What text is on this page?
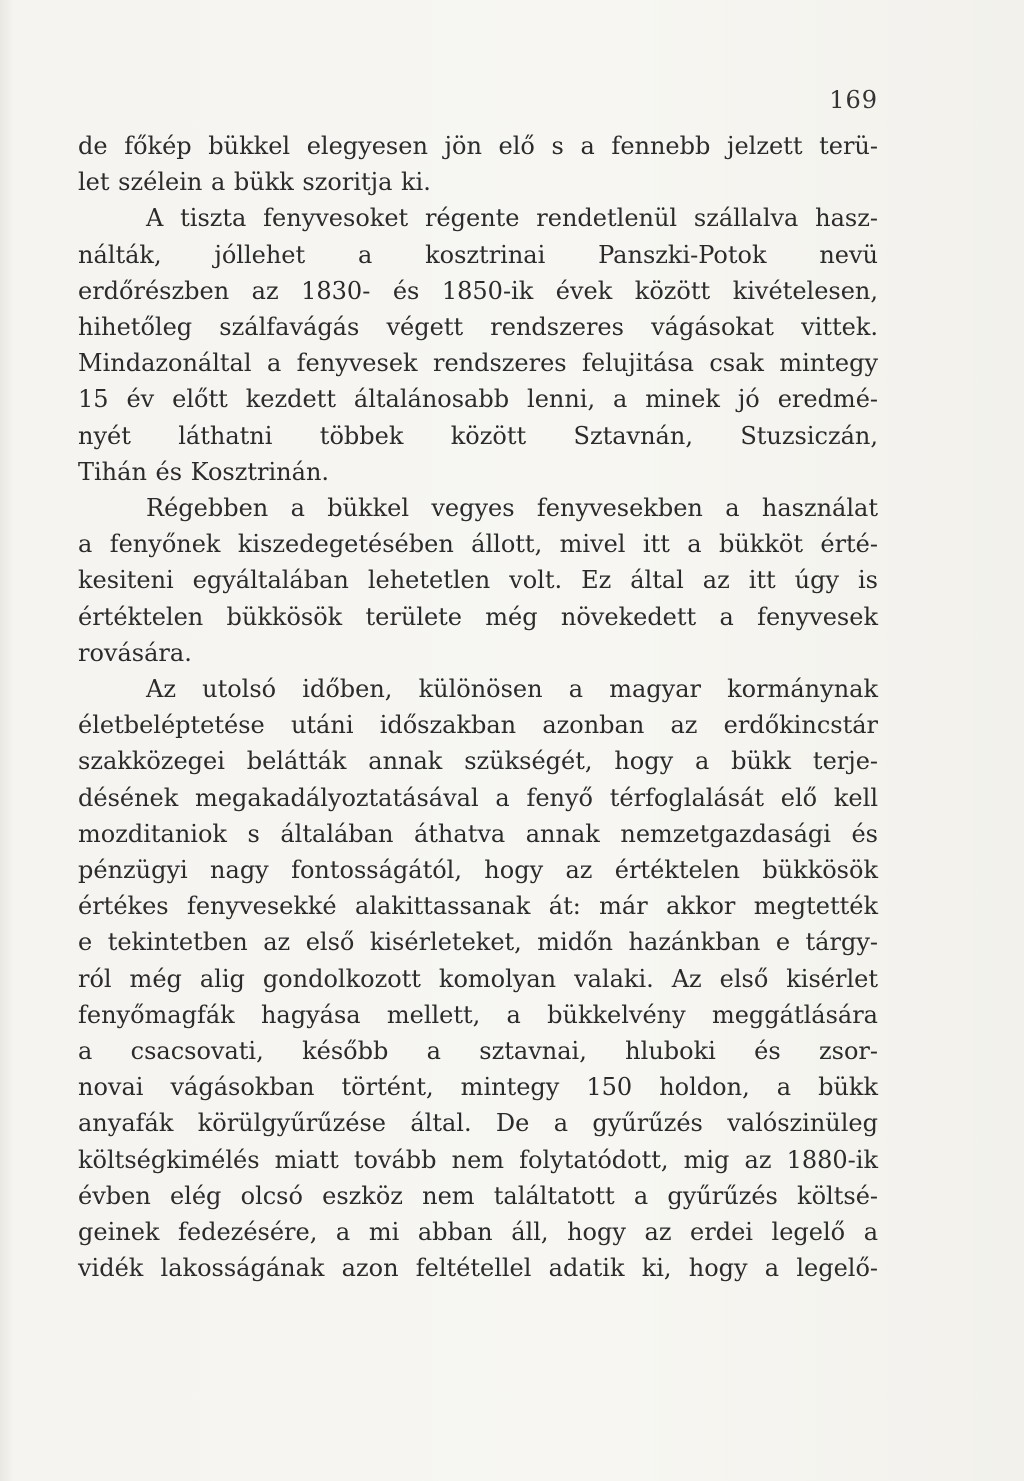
169
de főkép bükkel elegyesen jön elő s a fennebb jelzett terü-
let szélein a bükk szoritja ki.
A tiszta fenyvesoket régente rendetlenül szállalva hasz-
nálták, jóllehet a kosztrinai Panszki-Potok nevü
erdőrészben az 1830- és 1850-ik évek között kivételesen,
hihetőleg szálfavágás végett rendszeres vágásokat vittek.
Mindazonáltal a fenyvesek rendszeres felujitása csak mintegy
15 év előtt kezdett általánosabb lenni, a minek jó eredmé-
nyét láthatni többek között Sztavnán, Stuzsiczán,
Tihán és Kosztrinán.
Régebben a bükkel vegyes fenyvesekben a használat
a fenyőnek kiszedegetésében állott, mivel itt a bükköt érté-
kesiteni egyáltalában lehetetlen volt. Ez által az itt úgy is
értéktelen bükkösök területe még növekedett a fenyvesek
rovására.
Az utolsó időben, különösen a magyar kormánynak
életbeléptetése utáni időszakban azonban az erdőkincstár
szakközegei belátták annak szükségét, hogy a bükk terje-
désének megakadályoztatásával a fenyő térfoglalását elő kell
mozditaniok s általában áthatva annak nemzetgazdasági és
pénzügyi nagy fontosságától, hogy az értéktelen bükkösök
értékes fenyvesekké alakittassanak át: már akkor megtették
e tekintetben az első kisérleteket, midőn hazánkban e tárgy-
ról még alig gondolkozott komolyan valaki. Az első kisérlet
fenyőmagfák hagyása mellett, a bükkelvény meggátlására
a csacsovati, később a sztavnai, hluboki és zsor-
novai vágásokban történt, mintegy 150 holdon, a bükk
anyafák körülgyűrűzése által. De a gyűrűzés valószinüleg
költségkimélés miatt tovább nem folytatódott, mig az 1880-ik
évben elég olcsó eszköz nem találtatott a gyűrűzés költsé-
geinek fedezésére, a mi abban áll, hogy az erdei legelő a
vidék lakosságának azon feltétellel adatik ki, hogy a legelő-
